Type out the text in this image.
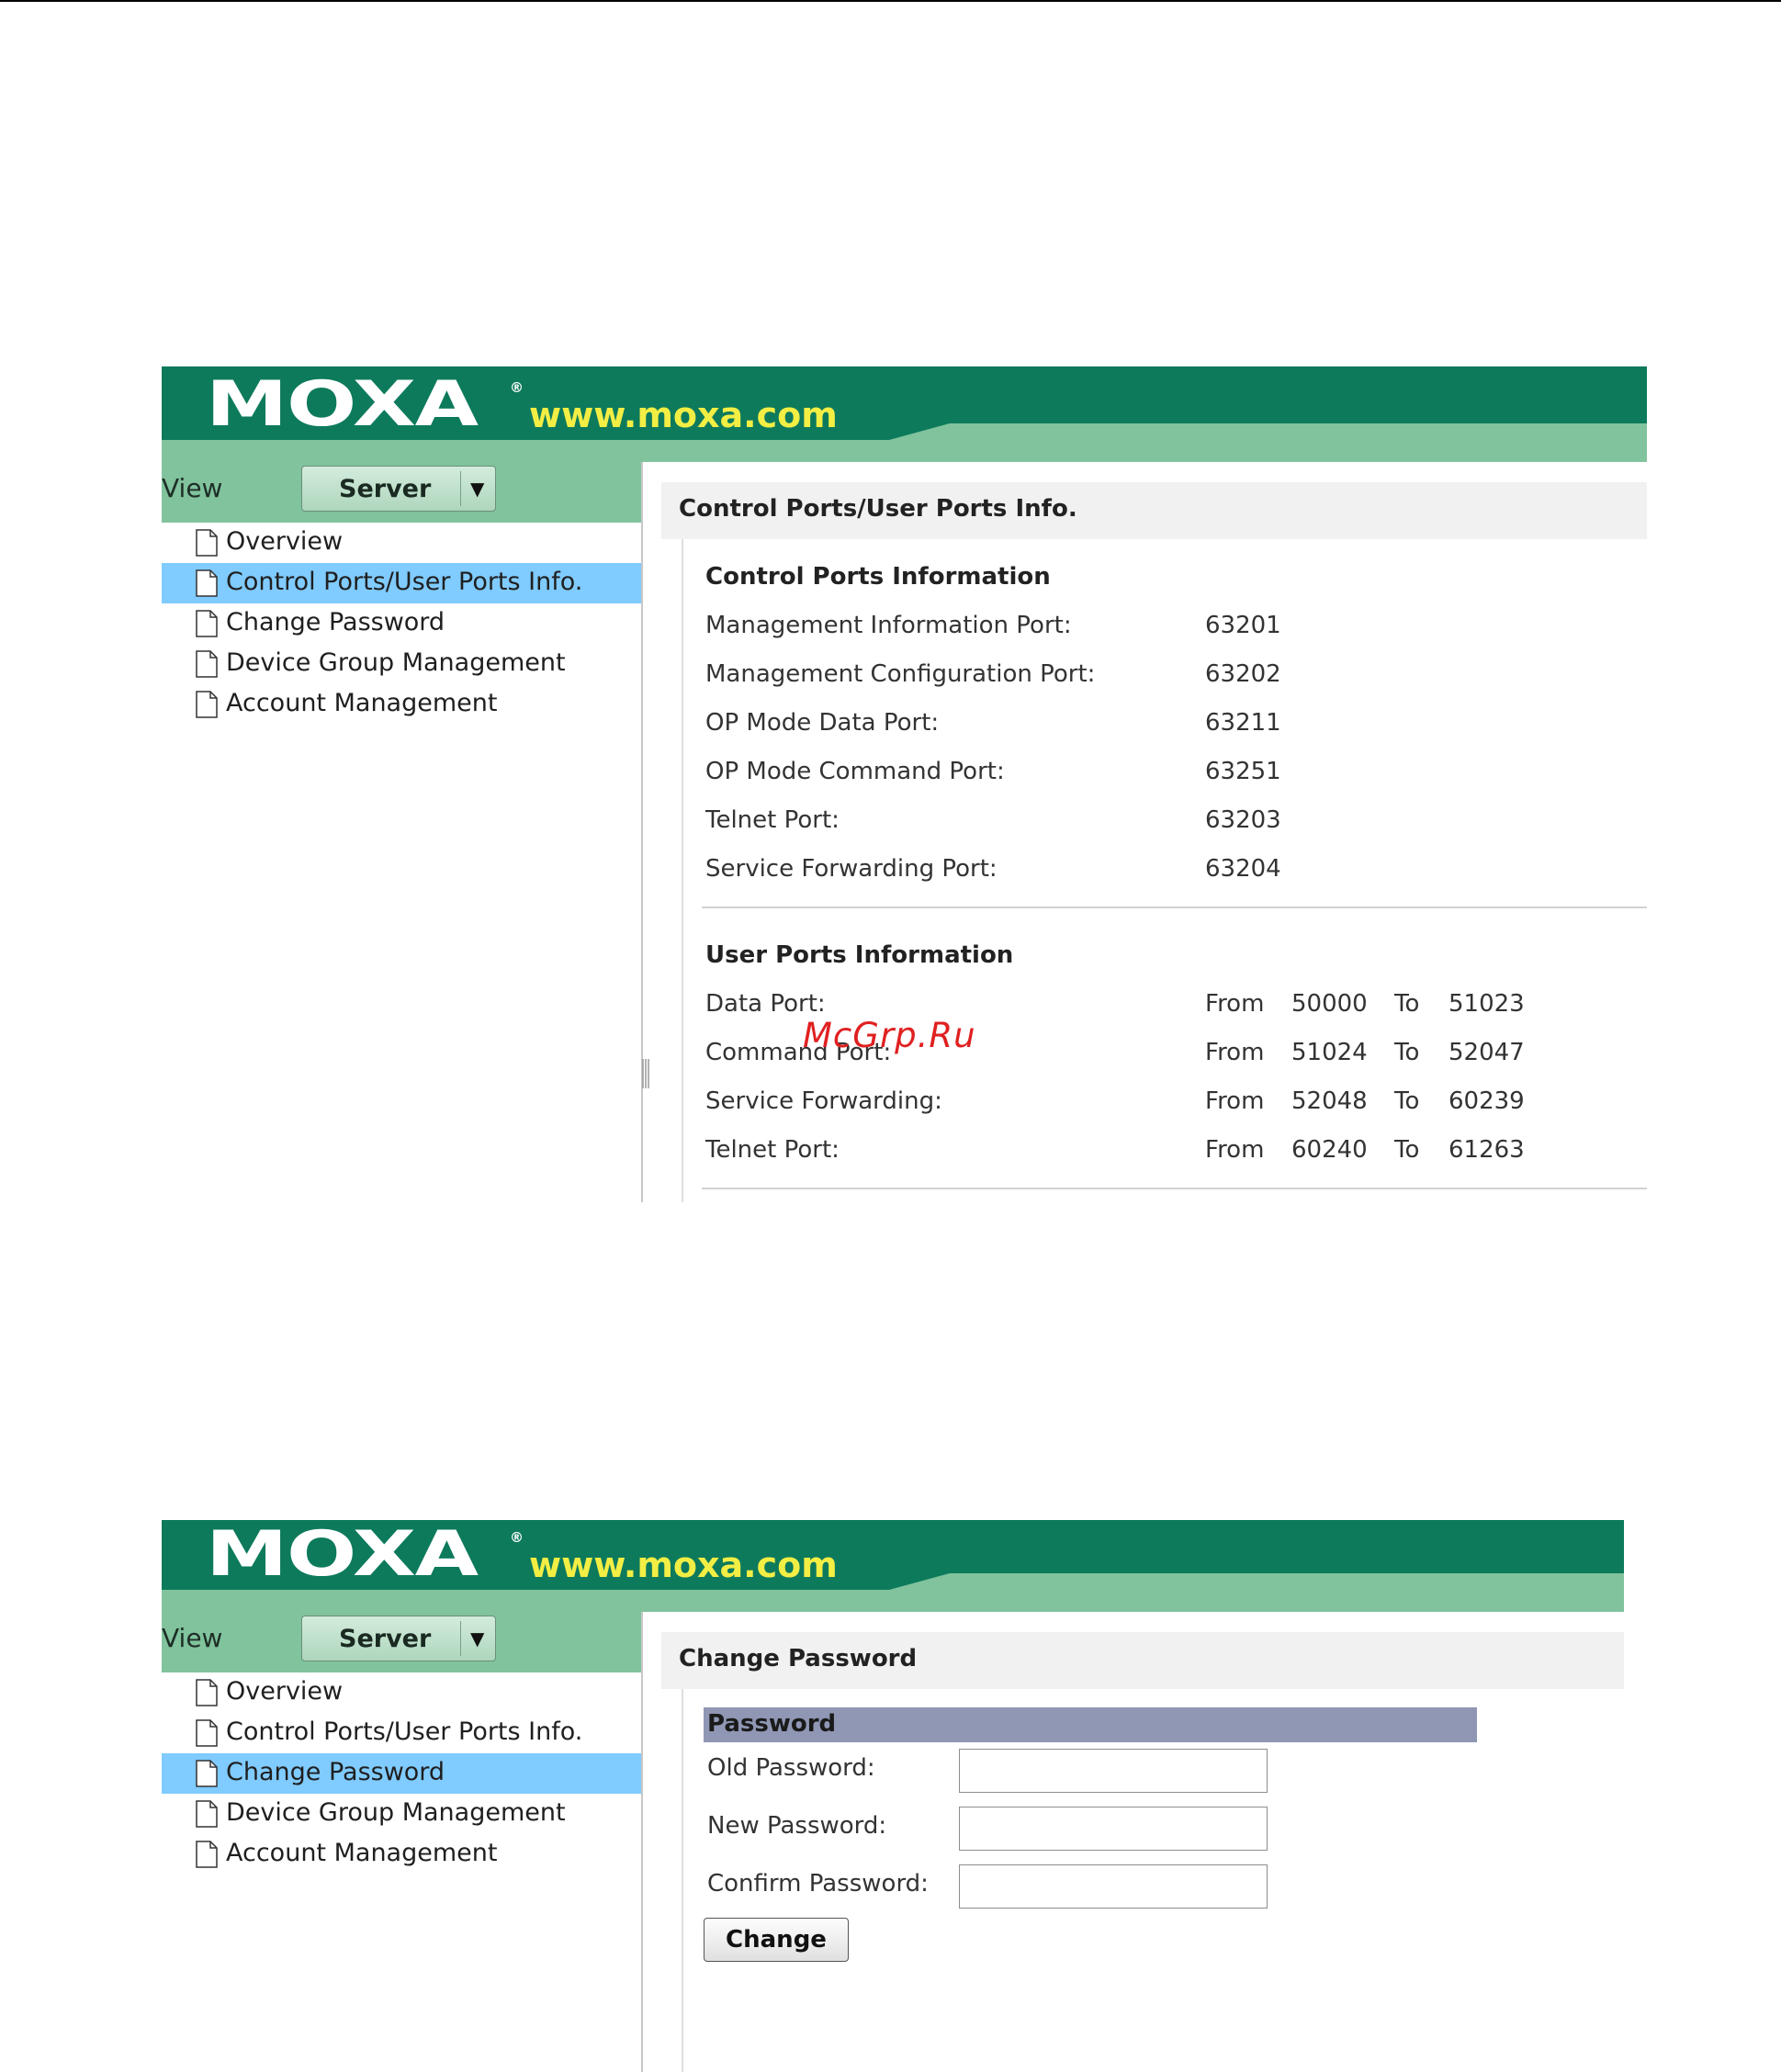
MOXA ®
www.moxa.com
View	Server ▼
Overview
Control Ports/User Ports Info.
Change Password
Device Group Management
Account Management
Control Ports/User Ports Info.
Control Ports Information
Management Information Port:	63201
Management Configuration Port:	63202
OP Mode Data Port:	63211
OP Mode Command Port:	63251
Telnet Port:	63203
Service Forwarding Port:	63204
User Ports Information
Data Port:	From 50000 To 51023
Command Port:	From 51024 To 52047
Service Forwarding:	From 52048 To 60239
Telnet Port:	From 60240 To 61263
MOXA ®
www.moxa.com
View	Server ▼
Overview
Control Ports/User Ports Info.
Change Password
Device Group Management
Account Management
Change Password
Password
Old Password:
New Password:
Confirm Password:
Change
McGrp.Ru
